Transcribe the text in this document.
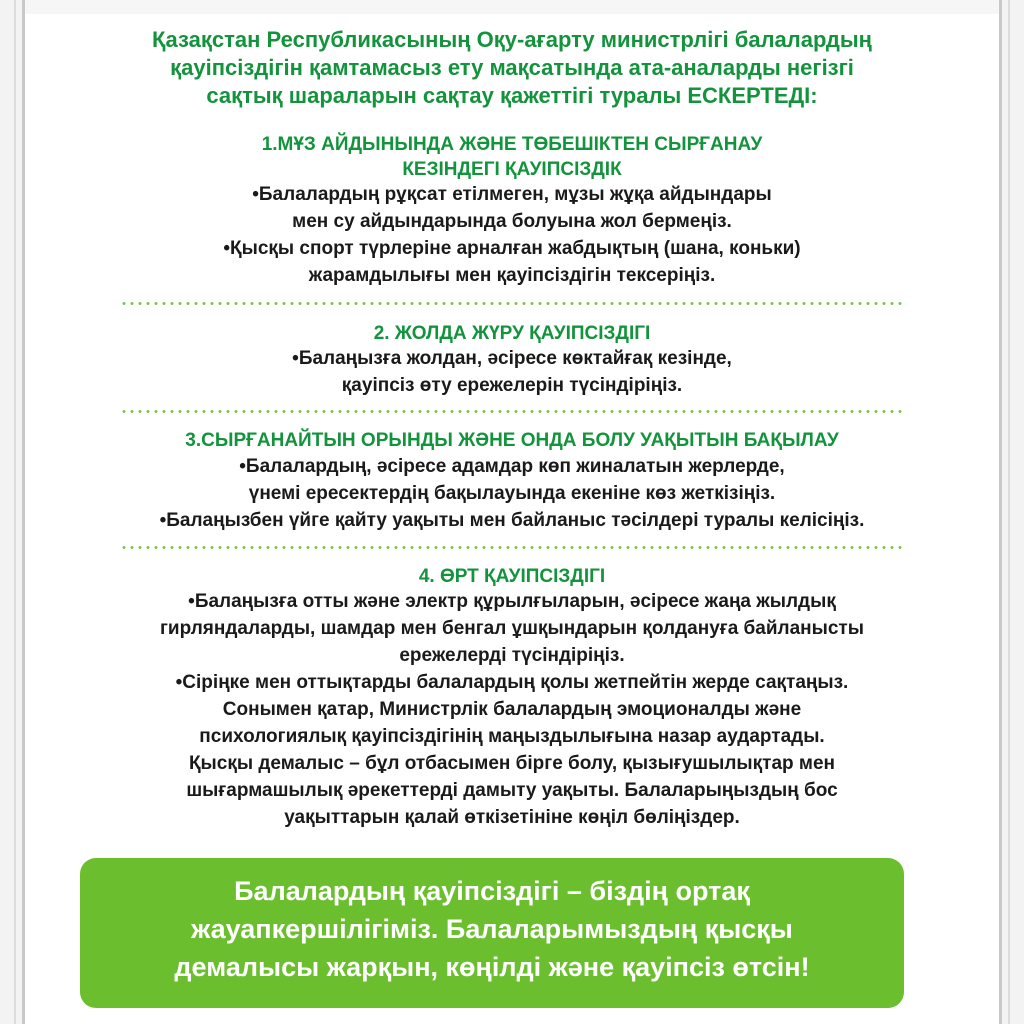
Қазақстан Республикасының Оқу-ағарту министрлігі балалардың
қауіпсіздігін қамтамасыз ету мақсатында ата-аналарды негізгі
сақтық шараларын сақтау қажеттігі туралы ЕСКЕРТЕДІ:
1.МҰЗ АЙДЫНЫНДА ЖӘНЕ ТӨБЕШІКТЕН СЫРҒАНАУ
КЕЗІНДЕГІ ҚАУІПСІЗДІК
•Балалардың рұқсат етілмеген, мұзы жұқа айдындары
мен су айдындарында болуына жол бермеңіз.
•Қысқы спорт түрлеріне арналған жабдықтың (шана, коньки)
жарамдылығы мен қауіпсіздігін тексеріңіз.
2. ЖОЛДА ЖҮРУ ҚАУІПСІЗДІГІ
•Балаңызға жолдан, әсіресе көктайғақ кезінде,
қауіпсіз өту ережелерін түсіндіріңіз.
3.СЫРҒАНАЙТЫН ОРЫНДЫ ЖӘНЕ ОНДА БОЛУ УАҚЫТЫН БАҚЫЛАУ
•Балалардың, әсіресе адамдар көп жиналатын жерлерде,
үнемі ересектердің бақылауында екеніне көз жеткізіңіз.
•Балаңызбен үйге қайту уақыты мен байланыс тәсілдері туралы келісіңіз.
4. ӨРТ ҚАУІПСІЗДІГІ
•Балаңызға отты және электр құрылғыларын, әсіресе жаңа жылдық
гирляндаларды, шамдар мен бенгал ұшқындарын қолдануға байланысты
ережелерді түсіндіріңіз.
•Сіріңке мен оттықтарды балалардың қолы жетпейтін жерде сақтаңыз.
Сонымен қатар, Министрлік балалардың эмоционалды және
психологиялық қауіпсіздігінің маңыздылығына назар аудартады.
Қысқы демалыс – бұл отбасымен бірге болу, қызығушылықтар мен
шығармашылық әрекеттерді дамыту уақыты. Балаларыңыздың бос
уақыттарын қалай өткізетініне көңіл бөліңіздер.
Балалардың қауіпсіздігі – біздің ортақ
жауапкершілігіміз. Балаларымыздың қысқы
демалысы жарқын, көңілді және қауіпсіз өтсін!
